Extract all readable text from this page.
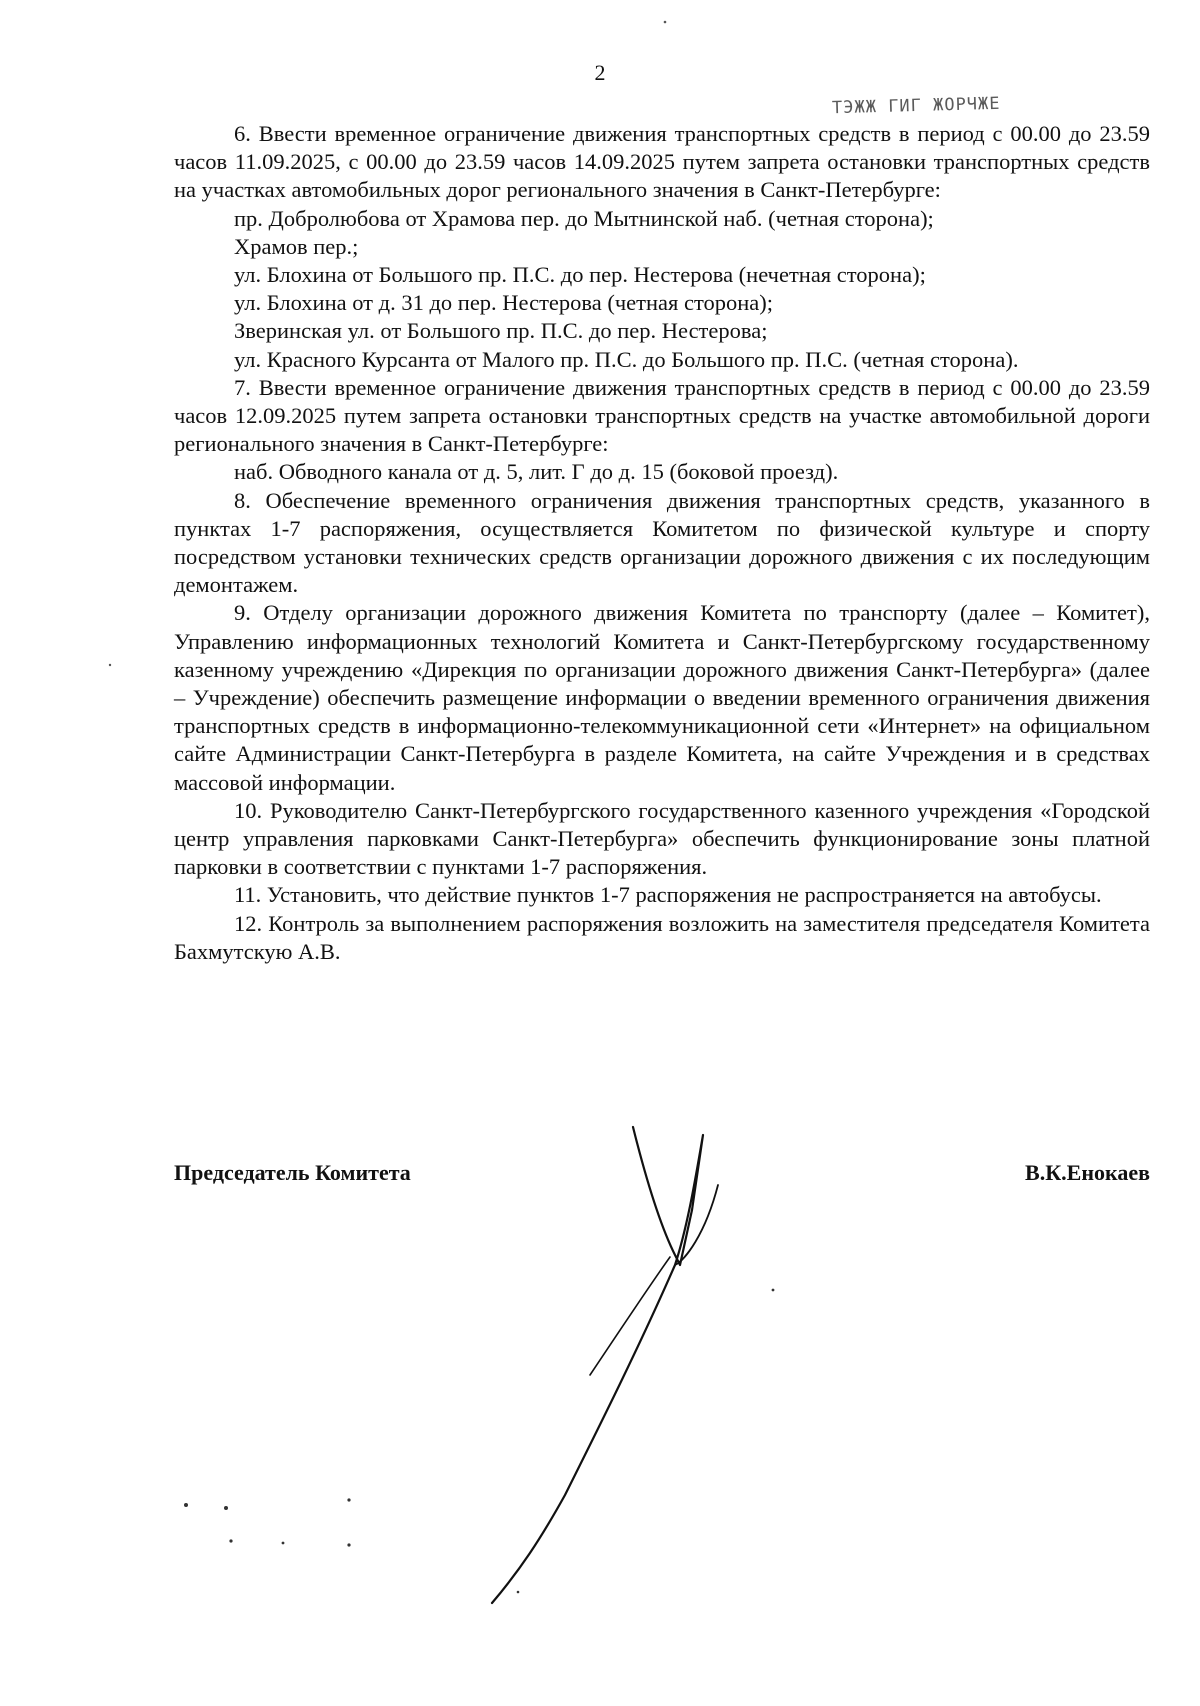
2
ТЭЖЖ ГИГ ЖОРЧЖЕ

6. Ввести временное ограничение движения транспортных средств в период с 00.00 до 23.59 часов 11.09.2025, с 00.00 до 23.59 часов 14.09.2025 путем запрета остановки транспортных средств на участках автомобильных дорог регионального значения в Санкт-Петербурге:

пр. Добролюбова от Храмова пер. до Мытнинской наб. (четная сторона);

Храмов пер.;

ул. Блохина от Большого пр. П.С. до пер. Нестерова (нечетная сторона);

ул. Блохина от д. 31 до пер. Нестерова (четная сторона);

Зверинская ул. от Большого пр. П.С. до пер. Нестерова;

ул. Красного Курсанта от Малого пр. П.С. до Большого пр. П.С. (четная сторона).

7. Ввести временное ограничение движения транспортных средств в период с 00.00 до 23.59 часов 12.09.2025 путем запрета остановки транспортных средств на участке автомобильной дороги регионального значения в Санкт-Петербурге:

наб. Обводного канала от д. 5, лит. Г до д. 15 (боковой проезд).

8. Обеспечение временного ограничения движения транспортных средств, указанного в пунктах 1-7 распоряжения, осуществляется Комитетом по физической культуре и спорту посредством установки технических средств организации дорожного движения с их последующим демонтажем.

9. Отделу организации дорожного движения Комитета по транспорту (далее – Комитет), Управлению информационных технологий Комитета и Санкт-Петербургскому государственному казенному учреждению «Дирекция по организации дорожного движения Санкт-Петербурга» (далее – Учреждение) обеспечить размещение информации о введении временного ограничения движения транспортных средств в информационно-телекоммуникационной сети «Интернет» на официальном сайте Администрации Санкт-Петербурга в разделе Комитета, на сайте Учреждения и в средствах массовой информации.

10. Руководителю Санкт-Петербургского государственного казенного учреждения «Городской центр управления парковками Санкт-Петербурга» обеспечить функционирование зоны платной парковки в соответствии с пунктами 1-7 распоряжения.

11. Установить, что действие пунктов 1-7 распоряжения не распространяется на автобусы.

12. Контроль за выполнением распоряжения возложить на заместителя председателя Комитета Бахмутскую А.В.

Председатель Комитета	В.К.Енокаев
